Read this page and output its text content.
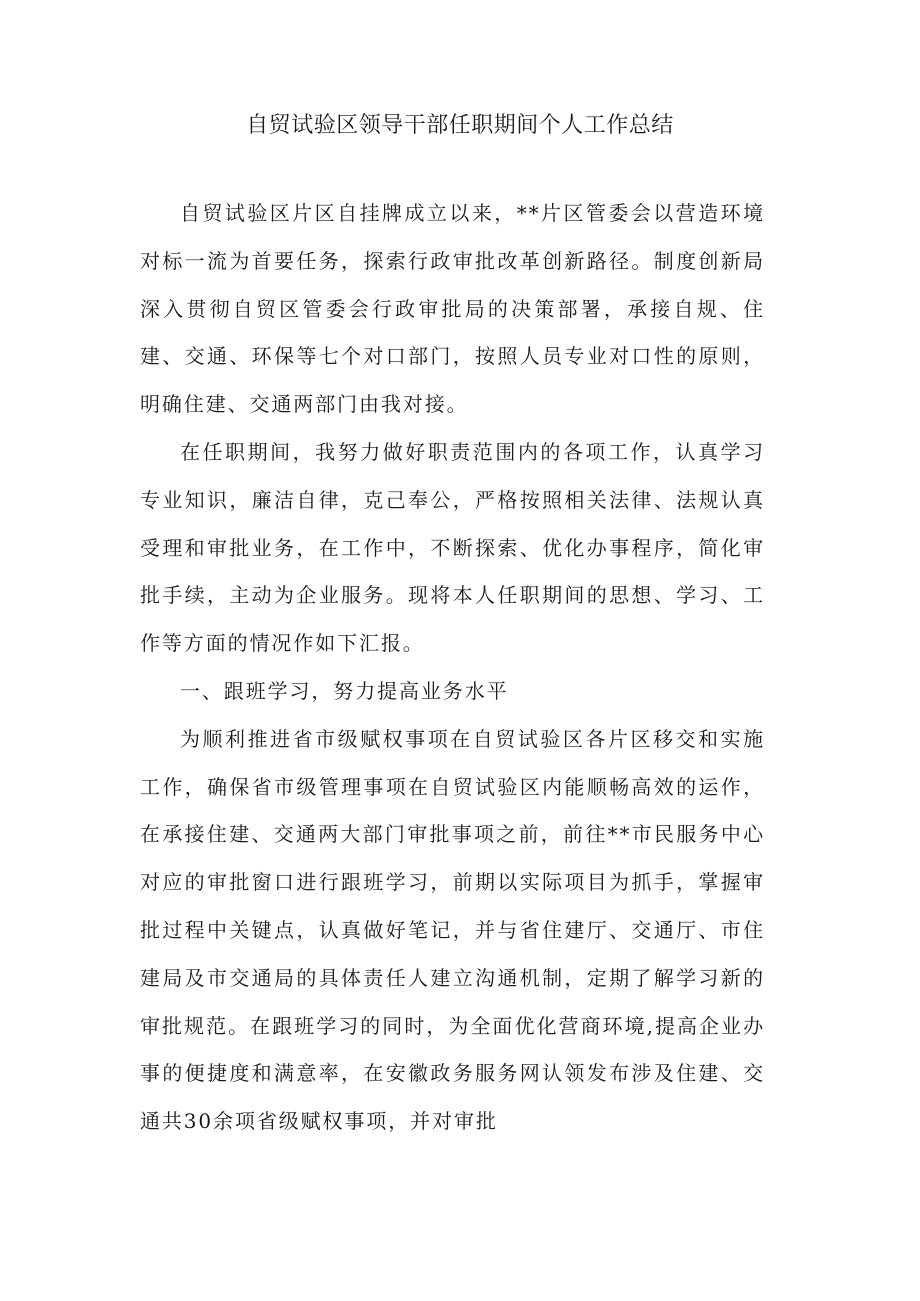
自贸试验区领导干部任职期间个人工作总结

自贸试验区片区自挂牌成立以来，**片区管委会以营造环境对标一流为首要任务，探索行政审批改革创新路径。制度创新局深入贯彻自贸区管委会行政审批局的决策部署，承接自规、住建、交通、环保等七个对口部门，按照人员专业对口性的原则，明确住建、交通两部门由我对接。

在任职期间，我努力做好职责范围内的各项工作，认真学习专业知识，廉洁自律，克己奉公，严格按照相关法律、法规认真受理和审批业务，在工作中，不断探索、优化办事程序，简化审批手续，主动为企业服务。现将本人任职期间的思想、学习、工作等方面的情况作如下汇报。

一、跟班学习，努力提高业务水平

为顺利推进省市级赋权事项在自贸试验区各片区移交和实施工作，确保省市级管理事项在自贸试验区内能顺畅高效的运作，在承接住建、交通两大部门审批事项之前，前往**市民服务中心对应的审批窗口进行跟班学习，前期以实际项目为抓手，掌握审批过程中关键点，认真做好笔记，并与省住建厅、交通厅、市住建局及市交通局的具体责任人建立沟通机制，定期了解学习新的审批规范。在跟班学习的同时，为全面优化营商环境,提高企业办事的便捷度和满意率，在安徽政务服务网认领发布涉及住建、交通共30余项省级赋权事项，并对审批
